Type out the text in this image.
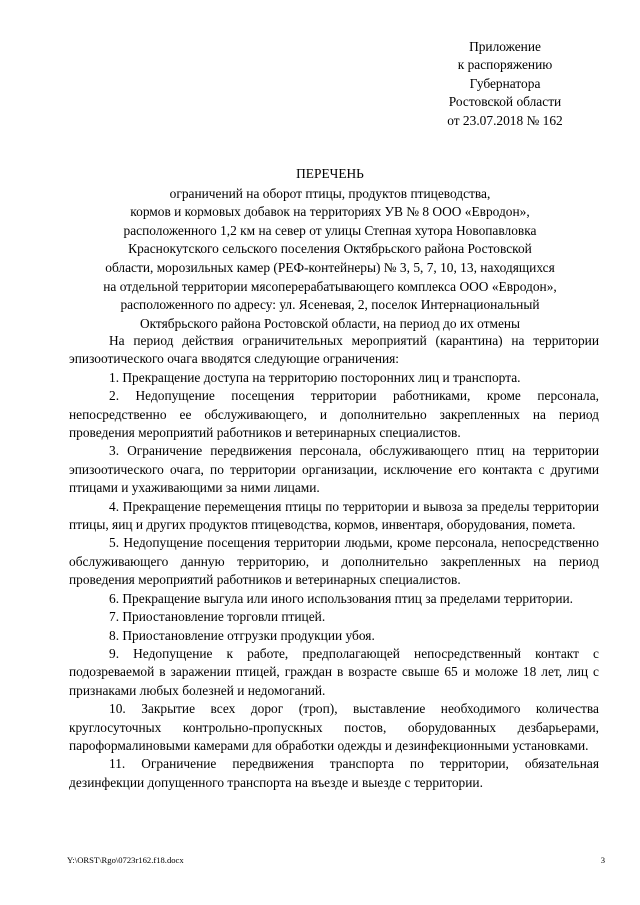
Приложение
к распоряжению
Губернатора
Ростовской области
от 23.07.2018 № 162
ПЕРЕЧЕНЬ
ограничений на оборот птицы, продуктов птицеводства,
кормов и кормовых добавок на территориях УВ № 8 ООО «Евродон»,
расположенного 1,2 км на север от улицы Степная хутора Новопавловка
Краснокутского сельского поселения Октябрьского района Ростовской
области, морозильных камер (РЕФ-контейнеры) № 3, 5, 7, 10, 13, находящихся
на отдельной территории мясоперерабатывающего комплекса ООО «Евродон»,
расположенного по адресу: ул. Ясеневая, 2, поселок Интернациональный
Октябрьского района Ростовской области, на период до их отмены

На период действия ограничительных мероприятий (карантина) на территории эпизоотического очага вводятся следующие ограничения:

1. Прекращение доступа на территорию посторонних лиц и транспорта.

2. Недопущение посещения территории работниками, кроме персонала, непосредственно ее обслуживающего, и дополнительно закрепленных на период проведения мероприятий работников и ветеринарных специалистов.

3. Ограничение передвижения персонала, обслуживающего птиц на территории эпизоотического очага, по территории организации, исключение его контакта с другими птицами и ухаживающими за ними лицами.

4. Прекращение перемещения птицы по территории и вывоза за пределы территории птицы, яиц и других продуктов птицеводства, кормов, инвентаря, оборудования, помета.

5. Недопущение посещения территории людьми, кроме персонала, непосредственно обслуживающего данную территорию, и дополнительно закрепленных на период проведения мероприятий работников и ветеринарных специалистов.

6. Прекращение выгула или иного использования птиц за пределами территории.

7. Приостановление торговли птицей.

8. Приостановление отгрузки продукции убоя.

9. Недопущение к работе, предполагающей непосредственный контакт с подозреваемой в заражении птицей, граждан в возрасте свыше 65 и моложе 18 лет, лиц с признаками любых болезней и недомоганий.

10. Закрытие всех дорог (троп), выставление необходимого количества круглосуточных контрольно-пропускных постов, оборудованных дезбарьерами, пароформалиновыми камерами для обработки одежды и дезинфекционными установками.

11. Ограничение передвижения транспорта по территории, обязательная дезинфекции допущенного транспорта на въезде и выезде с территории.

Y:\ORST\Rgo\0723r162.f18.docx	3
